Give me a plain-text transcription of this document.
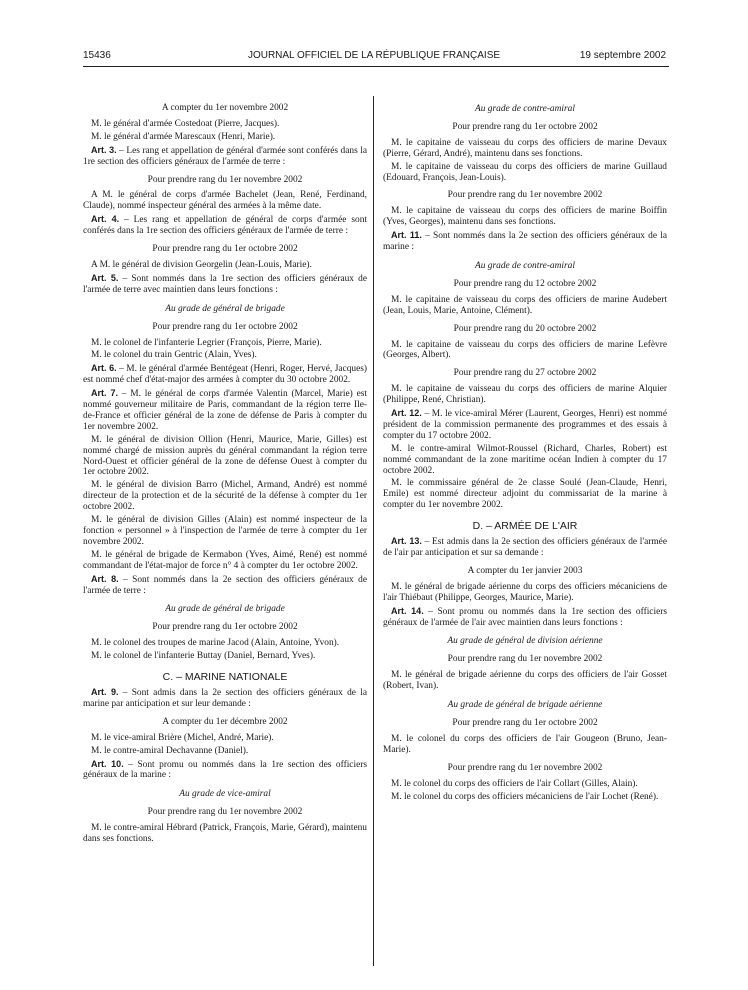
15436	JOURNAL OFFICIEL DE LA RÉPUBLIQUE FRANÇAISE	19 septembre 2002

A compter du 1er novembre 2002

M. le général d'armée Costedoat (Pierre, Jacques).

M. le général d'armée Marescaux (Henri, Marie).

Art. 3. – Les rang et appellation de général d'armée sont conférés dans la 1re section des officiers généraux de l'armée de terre :

Pour prendre rang du 1er novembre 2002

A M. le général de corps d'armée Bachelet (Jean, René, Ferdinand, Claude), nommé inspecteur général des armées à la même date.

Art. 4. – Les rang et appellation de général de corps d'armée sont conférés dans la 1re section des officiers généraux de l'armée de terre :

Pour prendre rang du 1er octobre 2002

A M. le général de division Georgelin (Jean-Louis, Marie).

Art. 5. – Sont nommés dans la 1re section des officiers généraux de l'armée de terre avec maintien dans leurs fonctions :

Au grade de général de brigade

Pour prendre rang du 1er octobre 2002

M. le colonel de l'infanterie Legrier (François, Pierre, Marie).

M. le colonel du train Gentric (Alain, Yves).

Art. 6. – M. le général d'armée Bentégeat (Henri, Roger, Hervé, Jacques) est nommé chef d'état-major des armées à compter du 30 octobre 2002.

Art. 7. – M. le général de corps d'armée Valentin (Marcel, Marie) est nommé gouverneur militaire de Paris, commandant de la région terre Ile-de-France et officier général de la zone de défense de Paris à compter du 1er novembre 2002.

M. le général de division Ollion (Henri, Maurice, Marie, Gilles) est nommé chargé de mission auprès du général commandant la région terre Nord-Ouest et officier général de la zone de défense Ouest à compter du 1er octobre 2002.

M. le général de division Barro (Michel, Armand, André) est nommé directeur de la protection et de la sécurité de la défense à compter du 1er octobre 2002.

M. le général de division Gilles (Alain) est nommé inspecteur de la fonction « personnel » à l'inspection de l'armée de terre à compter du 1er novembre 2002.

M. le général de brigade de Kermabon (Yves, Aimé, René) est nommé commandant de l'état-major de force n° 4 à compter du 1er octobre 2002.

Art. 8. – Sont nommés dans la 2e section des officiers généraux de l'armée de terre :

Au grade de général de brigade

Pour prendre rang du 1er octobre 2002

M. le colonel des troupes de marine Jacod (Alain, Antoine, Yvon).

M. le colonel de l'infanterie Buttay (Daniel, Bernard, Yves).

C. – MARINE NATIONALE

Art. 9. – Sont admis dans la 2e section des officiers généraux de la marine par anticipation et sur leur demande :

A compter du 1er décembre 2002

M. le vice-amiral Brière (Michel, André, Marie).

M. le contre-amiral Dechavanne (Daniel).

Art. 10. – Sont promu ou nommés dans la 1re section des officiers généraux de la marine :

Au grade de vice-amiral

Pour prendre rang du 1er novembre 2002

M. le contre-amiral Hébrard (Patrick, François, Marie, Gérard), maintenu dans ses fonctions.

Au grade de contre-amiral

Pour prendre rang du 1er octobre 2002

M. le capitaine de vaisseau du corps des officiers de marine Devaux (Pierre, Gérard, André), maintenu dans ses fonctions.

M. le capitaine de vaisseau du corps des officiers de marine Guillaud (Edouard, François, Jean-Louis).

Pour prendre rang du 1er novembre 2002

M. le capitaine de vaisseau du corps des officiers de marine Boiffin (Yves, Georges), maintenu dans ses fonctions.

Art. 11. – Sont nommés dans la 2e section des officiers généraux de la marine :

Au grade de contre-amiral

Pour prendre rang du 12 octobre 2002

M. le capitaine de vaisseau du corps des officiers de marine Audebert (Jean, Louis, Marie, Antoine, Clément).

Pour prendre rang du 20 octobre 2002

M. le capitaine de vaisseau du corps des officiers de marine Lefèvre (Georges, Albert).

Pour prendre rang du 27 octobre 2002

M. le capitaine de vaisseau du corps des officiers de marine Alquier (Philippe, René, Christian).

Art. 12. – M. le vice-amiral Mérer (Laurent, Georges, Henri) est nommé président de la commission permanente des programmes et des essais à compter du 17 octobre 2002.

M. le contre-amiral Wilmot-Roussel (Richard, Charles, Robert) est nommé commandant de la zone maritime océan Indien à compter du 17 octobre 2002.

M. le commissaire général de 2e classe Soulé (Jean-Claude, Henri, Emile) est nommé directeur adjoint du commissariat de la marine à compter du 1er novembre 2002.

D. – ARMÉE DE L'AIR

Art. 13. – Est admis dans la 2e section des officiers généraux de l'armée de l'air par anticipation et sur sa demande :

A compter du 1er janvier 2003

M. le général de brigade aérienne du corps des officiers mécaniciens de l'air Thiébaut (Philippe, Georges, Maurice, Marie).

Art. 14. – Sont promu ou nommés dans la 1re section des officiers généraux de l'armée de l'air avec maintien dans leurs fonctions :

Au grade de général de division aérienne

Pour prendre rang du 1er novembre 2002

M. le général de brigade aérienne du corps des officiers de l'air Gosset (Robert, Ivan).

Au grade de général de brigade aérienne

Pour prendre rang du 1er octobre 2002

M. le colonel du corps des officiers de l'air Gougeon (Bruno, Jean-Marie).

Pour prendre rang du 1er novembre 2002

M. le colonel du corps des officiers de l'air Collart (Gilles, Alain).

M. le colonel du corps des officiers mécaniciens de l'air Lochet (René).
